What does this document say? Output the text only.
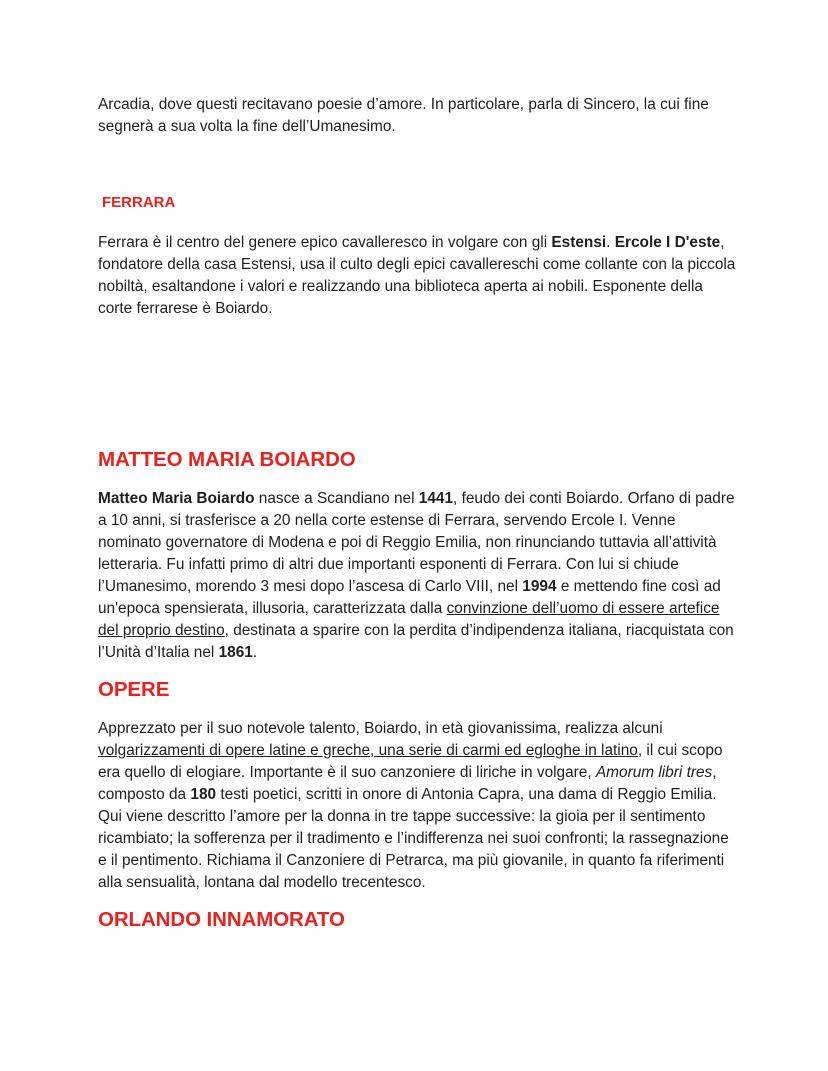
Arcadia, dove questi recitavano poesie d’amore. In particolare, parla di Sincero, la cui fine segnerà a sua volta la fine dell’Umanesimo.

FERRARA

Ferrara è il centro del genere epico cavalleresco in volgare con gli Estensi. Ercole I D'este, fondatore della casa Estensi, usa il culto degli epici cavallereschi come collante con la piccola nobiltà, esaltandone i valori e realizzando una biblioteca aperta ai nobili. Esponente della corte ferrarese è Boiardo.

MATTEO MARIA BOIARDO

Matteo Maria Boiardo nasce a Scandiano nel 1441, feudo dei conti Boiardo. Orfano di padre a 10 anni, si trasferisce a 20 nella corte estense di Ferrara, servendo Ercole I. Venne nominato governatore di Modena e poi di Reggio Emilia, non rinunciando tuttavia all’attività letteraria. Fu infatti primo di altri due importanti esponenti di Ferrara. Con lui si chiude l’Umanesimo, morendo 3 mesi dopo l’ascesa di Carlo VIII, nel 1994 e mettendo fine così ad un'epoca spensierata, illusoria, caratterizzata dalla convinzione dell’uomo di essere artefice del proprio destino, destinata a sparire con la perdita d’indipendenza italiana, riacquistata con l’Unità d’Italia nel 1861.

OPERE

Apprezzato per il suo notevole talento, Boiardo, in età giovanissima, realizza alcuni volgarizzamenti di opere latine e greche, una serie di carmi ed egloghe in latino, il cui scopo era quello di elogiare. Importante è il suo canzoniere di liriche in volgare, Amorum libri tres, composto da 180 testi poetici, scritti in onore di Antonia Capra, una dama di Reggio Emilia. Qui viene descritto l’amore per la donna in tre tappe successive: la gioia per il sentimento ricambiato; la sofferenza per il tradimento e l’indifferenza nei suoi confronti; la rassegnazione e il pentimento. Richiama il Canzoniere di Petrarca, ma più giovanile, in quanto fa riferimenti alla sensualità, lontana dal modello trecentesco.

ORLANDO INNAMORATO
